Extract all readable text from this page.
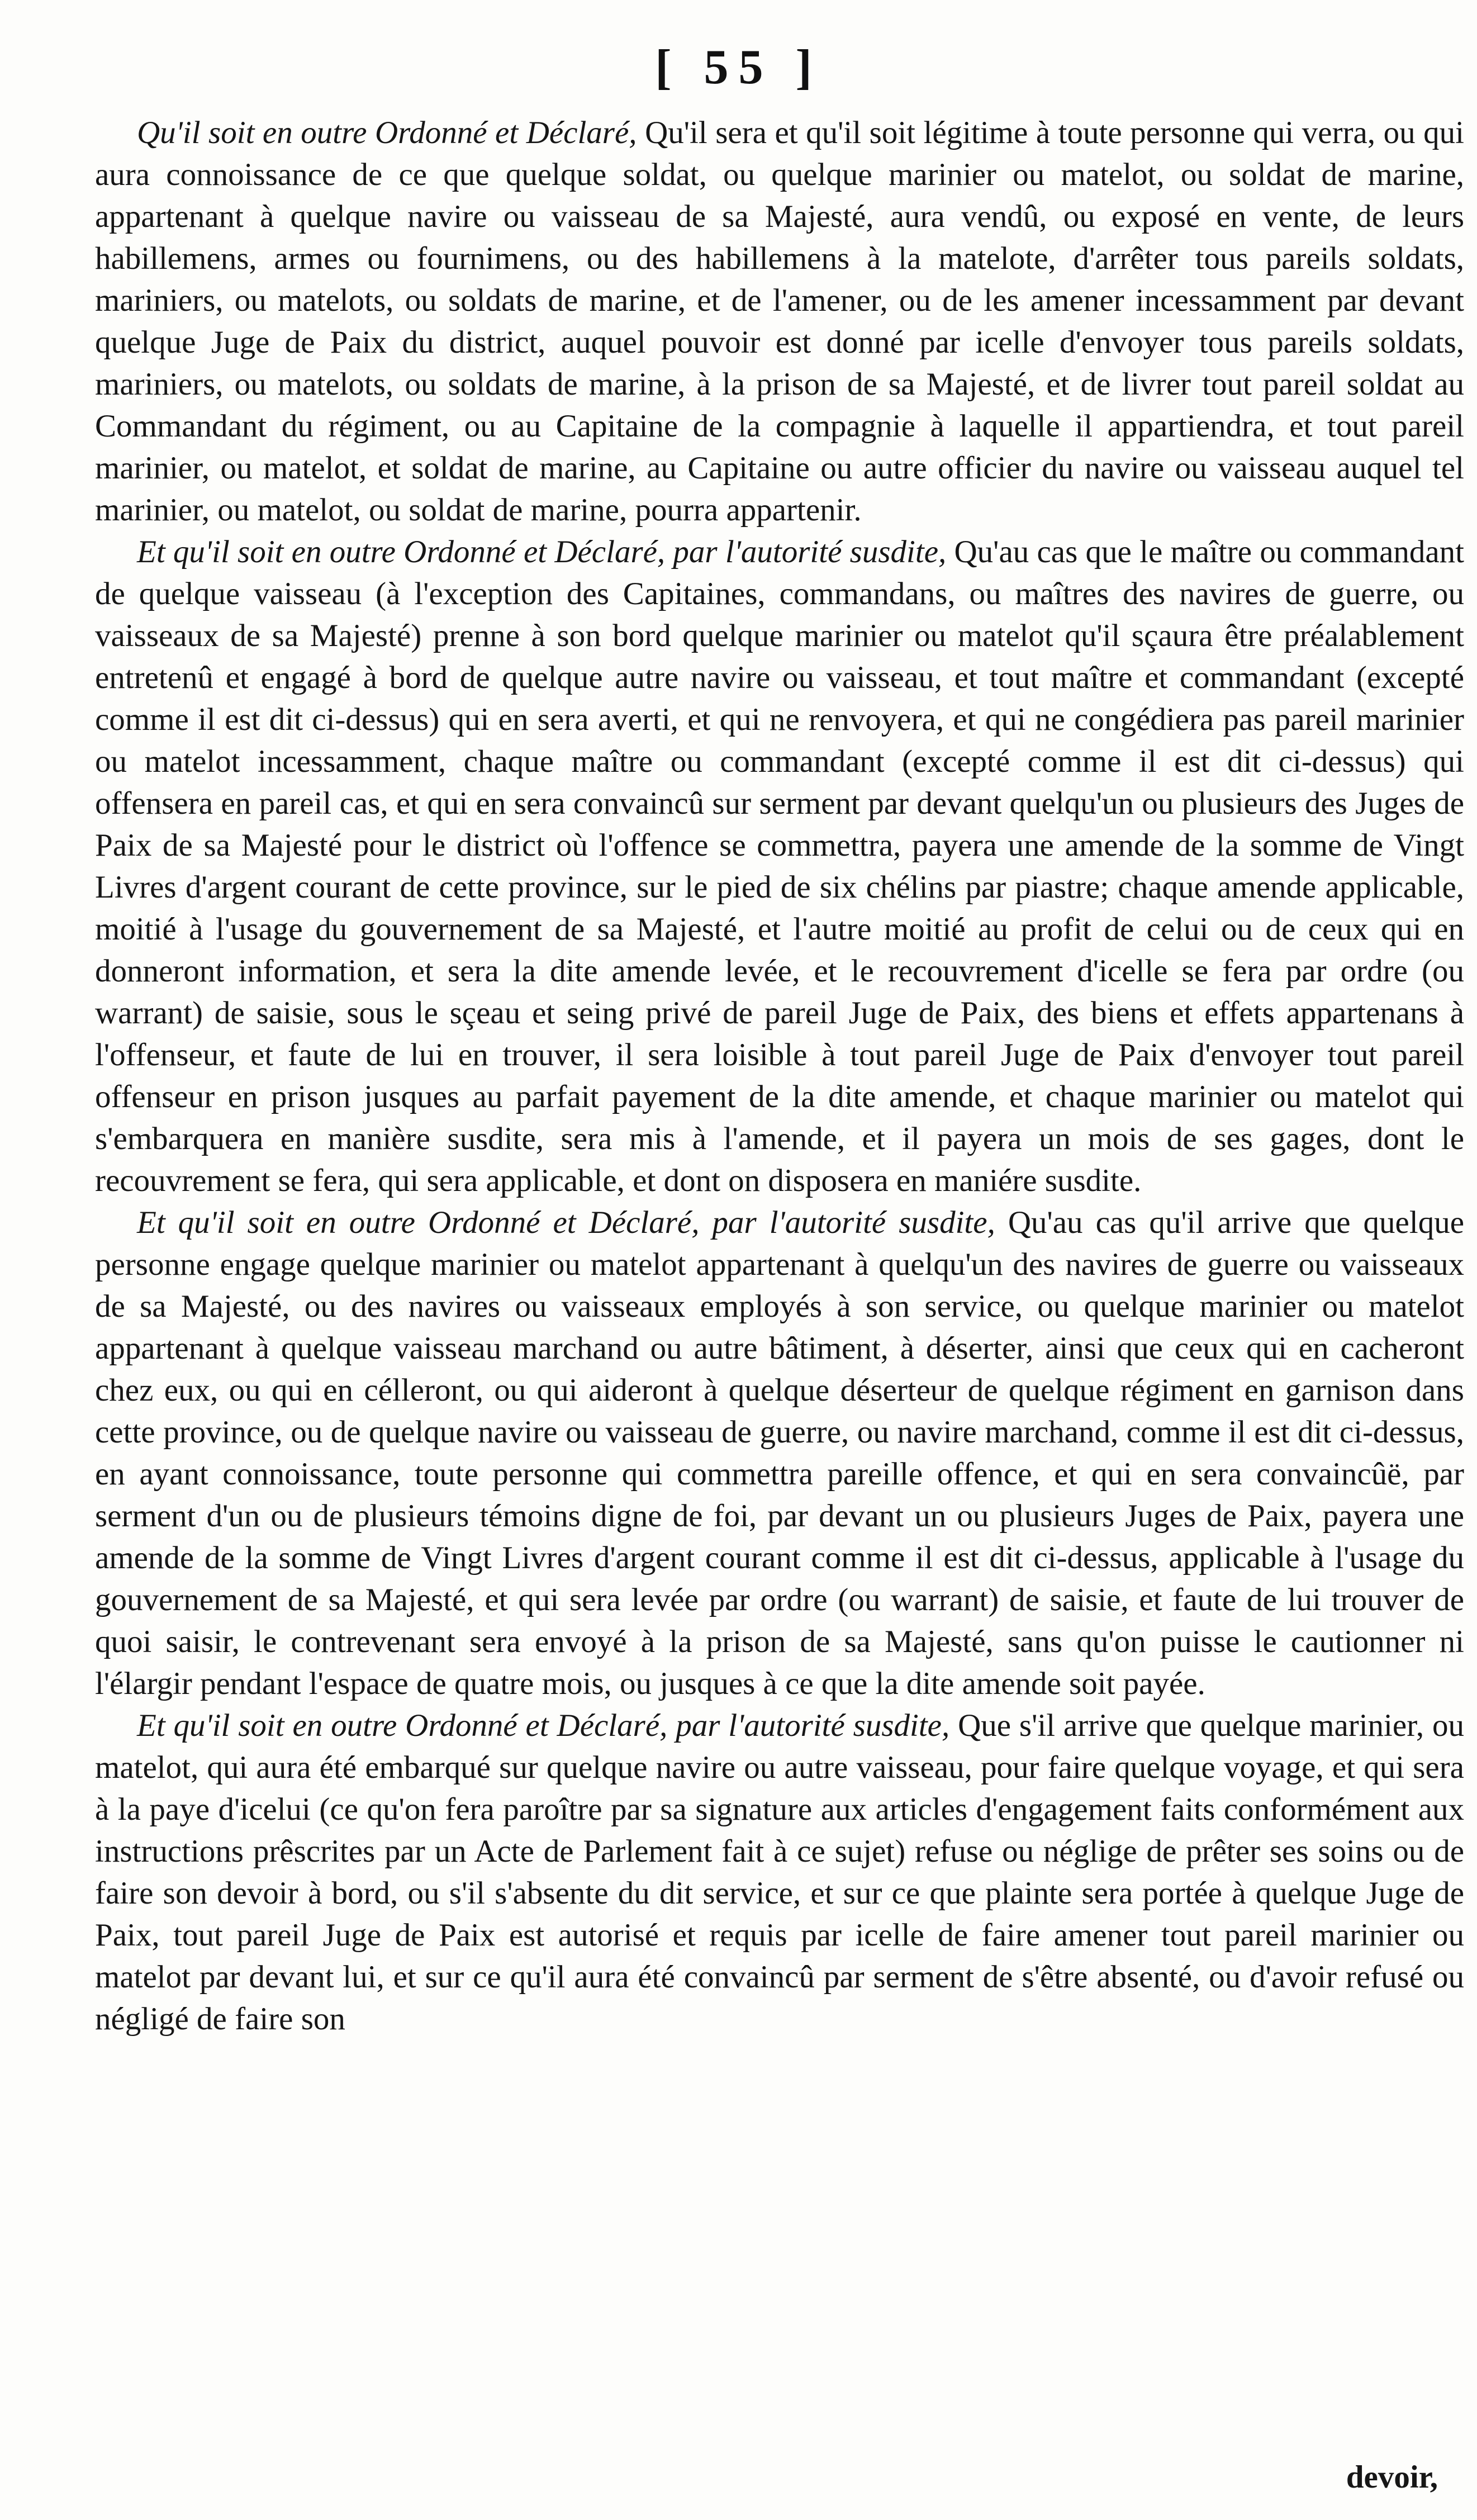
[ 55 ]

Qu'il soit en outre Ordonné et Déclaré, Qu'il sera et qu'il soit légitime à toute personne qui verra, ou qui aura connoissance de ce que quelque soldat, ou quelque marinier ou matelot, ou soldat de marine, appartenant à quelque navire ou vaisseau de sa Majesté, aura vendû, ou exposé en vente, de leurs habillemens, armes ou fournimens, ou des habillemens à la matelote, d'arrêter tous pareils soldats, mariniers, ou matelots, ou soldats de marine, et de l'amener, ou de les amener incessamment par devant quelque Juge de Paix du district, auquel pouvoir est donné par icelle d'envoyer tous pareils soldats, mariniers, ou matelots, ou soldats de marine, à la prison de sa Majesté, et de livrer tout pareil soldat au Commandant du régiment, ou au Capitaine de la compagnie à laquelle il appartiendra, et tout pareil marinier, ou matelot, et soldat de marine, au Capitaine ou autre officier du navire ou vaisseau auquel tel marinier, ou matelot, ou soldat de marine, pourra appartenir.

Et qu'il soit en outre Ordonné et Déclaré, par l'autorité susdite, Qu'au cas que le maître ou commandant de quelque vaisseau (à l'exception des Capitaines, commandans, ou maîtres des navires de guerre, ou vaisseaux de sa Majesté) prenne à son bord quelque marinier ou matelot qu'il sçaura être préalablement entretenû et engagé à bord de quelque autre navire ou vaisseau, et tout maître et commandant (excepté comme il est dit ci-dessus) qui en sera averti, et qui ne renvoyera, et qui ne congédiera pas pareil marinier ou matelot incessamment, chaque maître ou commandant (excepté comme il est dit ci-dessus) qui offensera en pareil cas, et qui en sera convaincû sur serment par devant quelqu'un ou plusieurs des Juges de Paix de sa Majesté pour le district où l'offence se commettra, payera une amende de la somme de Vingt Livres d'argent courant de cette province, sur le pied de six chélins par piastre; chaque amende applicable, moitié à l'usage du gouvernement de sa Majesté, et l'autre moitié au profit de celui ou de ceux qui en donneront information, et sera la dite amende levée, et le recouvrement d'icelle se fera par ordre (ou warrant) de saisie, sous le sçeau et seing privé de pareil Juge de Paix, des biens et effets appartenans à l'offenseur, et faute de lui en trouver, il sera loisible à tout pareil Juge de Paix d'envoyer tout pareil offenseur en prison jusques au parfait payement de la dite amende, et chaque marinier ou matelot qui s'embarquera en manière susdite, sera mis à l'amende, et il payera un mois de ses gages, dont le recouvrement se fera, qui sera applicable, et dont on disposera en maniére susdite.

Et qu'il soit en outre Ordonné et Déclaré, par l'autorité susdite, Qu'au cas qu'il arrive que quelque personne engage quelque marinier ou matelot appartenant à quelqu'un des navires de guerre ou vaisseaux de sa Majesté, ou des navires ou vaisseaux employés à son service, ou quelque marinier ou matelot appartenant à quelque vaisseau marchand ou autre bâtiment, à déserter, ainsi que ceux qui en cacheront chez eux, ou qui en célleront, ou qui aideront à quelque déserteur de quelque régiment en garnison dans cette province, ou de quelque navire ou vaisseau de guerre, ou navire marchand, comme il est dit ci-dessus, en ayant connoissance, toute personne qui commettra pareille offence, et qui en sera convaincûë, par serment d'un ou de plusieurs témoins digne de foi, par devant un ou plusieurs Juges de Paix, payera une amende de la somme de Vingt Livres d'argent courant comme il est dit ci-dessus, applicable à l'usage du gouvernement de sa Majesté, et qui sera levée par ordre (ou warrant) de saisie, et faute de lui trouver de quoi saisir, le contrevenant sera envoyé à la prison de sa Majesté, sans qu'on puisse le cautionner ni l'élargir pendant l'espace de quatre mois, ou jusques à ce que la dite amende soit payée.

Et qu'il soit en outre Ordonné et Déclaré, par l'autorité susdite, Que s'il arrive que quelque marinier, ou matelot, qui aura été embarqué sur quelque navire ou autre vaisseau, pour faire quelque voyage, et qui sera à la paye d'icelui (ce qu'on fera paroître par sa signature aux articles d'engagement faits conformément aux instructions prêscrites par un Acte de Parlement fait à ce sujet) refuse ou néglige de prêter ses soins ou de faire son devoir à bord, ou s'il s'absente du dit service, et sur ce que plainte sera portée à quelque Juge de Paix, tout pareil Juge de Paix est autorisé et requis par icelle de faire amener tout pareil marinier ou matelot par devant lui, et sur ce qu'il aura été convaincû par serment de s'être absenté, ou d'avoir refusé ou négligé de faire son

devoir,
